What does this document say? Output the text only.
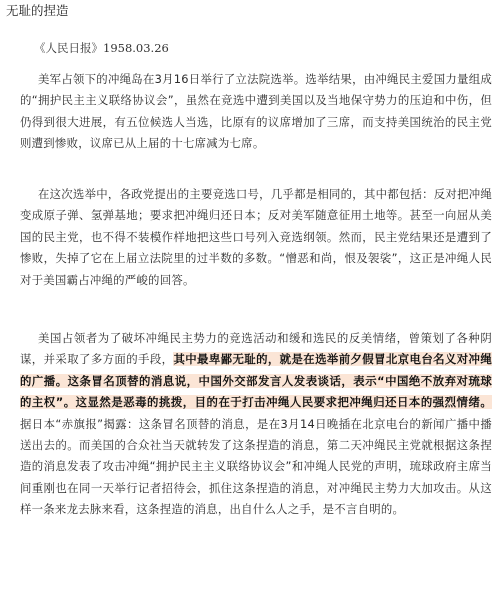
无耻的捏造
《人民日报》1958.03.26
美军占领下的冲绳岛在3月16日举行了立法院选举。选举结果，由冲绳民主爱国力量组成的“拥护民主主义联络协议会”，虽然在竞选中遭到美国以及当地保守势力的压迫和中伤，但仍得到很大进展，有五位候选人当选，比原有的议席增加了三席，而支持美国统治的民主党则遭到惨败，议席已从上届的十七席减为七席。
在这次选举中，各政党提出的主要竞选口号，几乎都是相同的，其中都包括：反对把冲绳变成原子弹、氢弹基地；要求把冲绳归还日本；反对美军随意征用土地等。甚至一向屈从美国的民主党，也不得不装模作样地把这些口号列入竞选纲领。然而，民主党结果还是遭到了惨败，失掉了它在上届立法院里的过半数的多数。“憎恶和尚，恨及袈裟”，这正是冲绳人民对于美国霸占冲绳的严峻的回答。
美国占领者为了破坏冲绳民主势力的竞选活动和缓和选民的反美情绪，曾策划了各种阴谋，并采取了多方面的手段，其中最卑鄙无耻的，就是在选举前夕假冒北京电台名义对冲绳的广播。这条冒名顶替的消息说，中国外交部发言人发表谈话，表示“中国绝不放弃对琉球的主权”。这显然是恶毒的挑拨，目的在于打击冲绳人民要求把冲绳归还日本的强烈情绪。据日本“赤旗报”揭露：这条冒名顶替的消息，是在3月14日晚插在北京电台的新闻广播中播送出去的。而美国的合众社当天就转发了这条捏造的消息，第二天冲绳民主党就根据这条捏造的消息发表了攻击冲绳“拥护民主主义联络协议会”和冲绳人民党的声明，琉球政府主席当间重刚也在同一天举行记者招待会，抓住这条捏造的消息，对冲绳民主势力大加攻击。从这样一条来龙去脉来看，这条捏造的消息，出自什么人之手，是不言自明的。
